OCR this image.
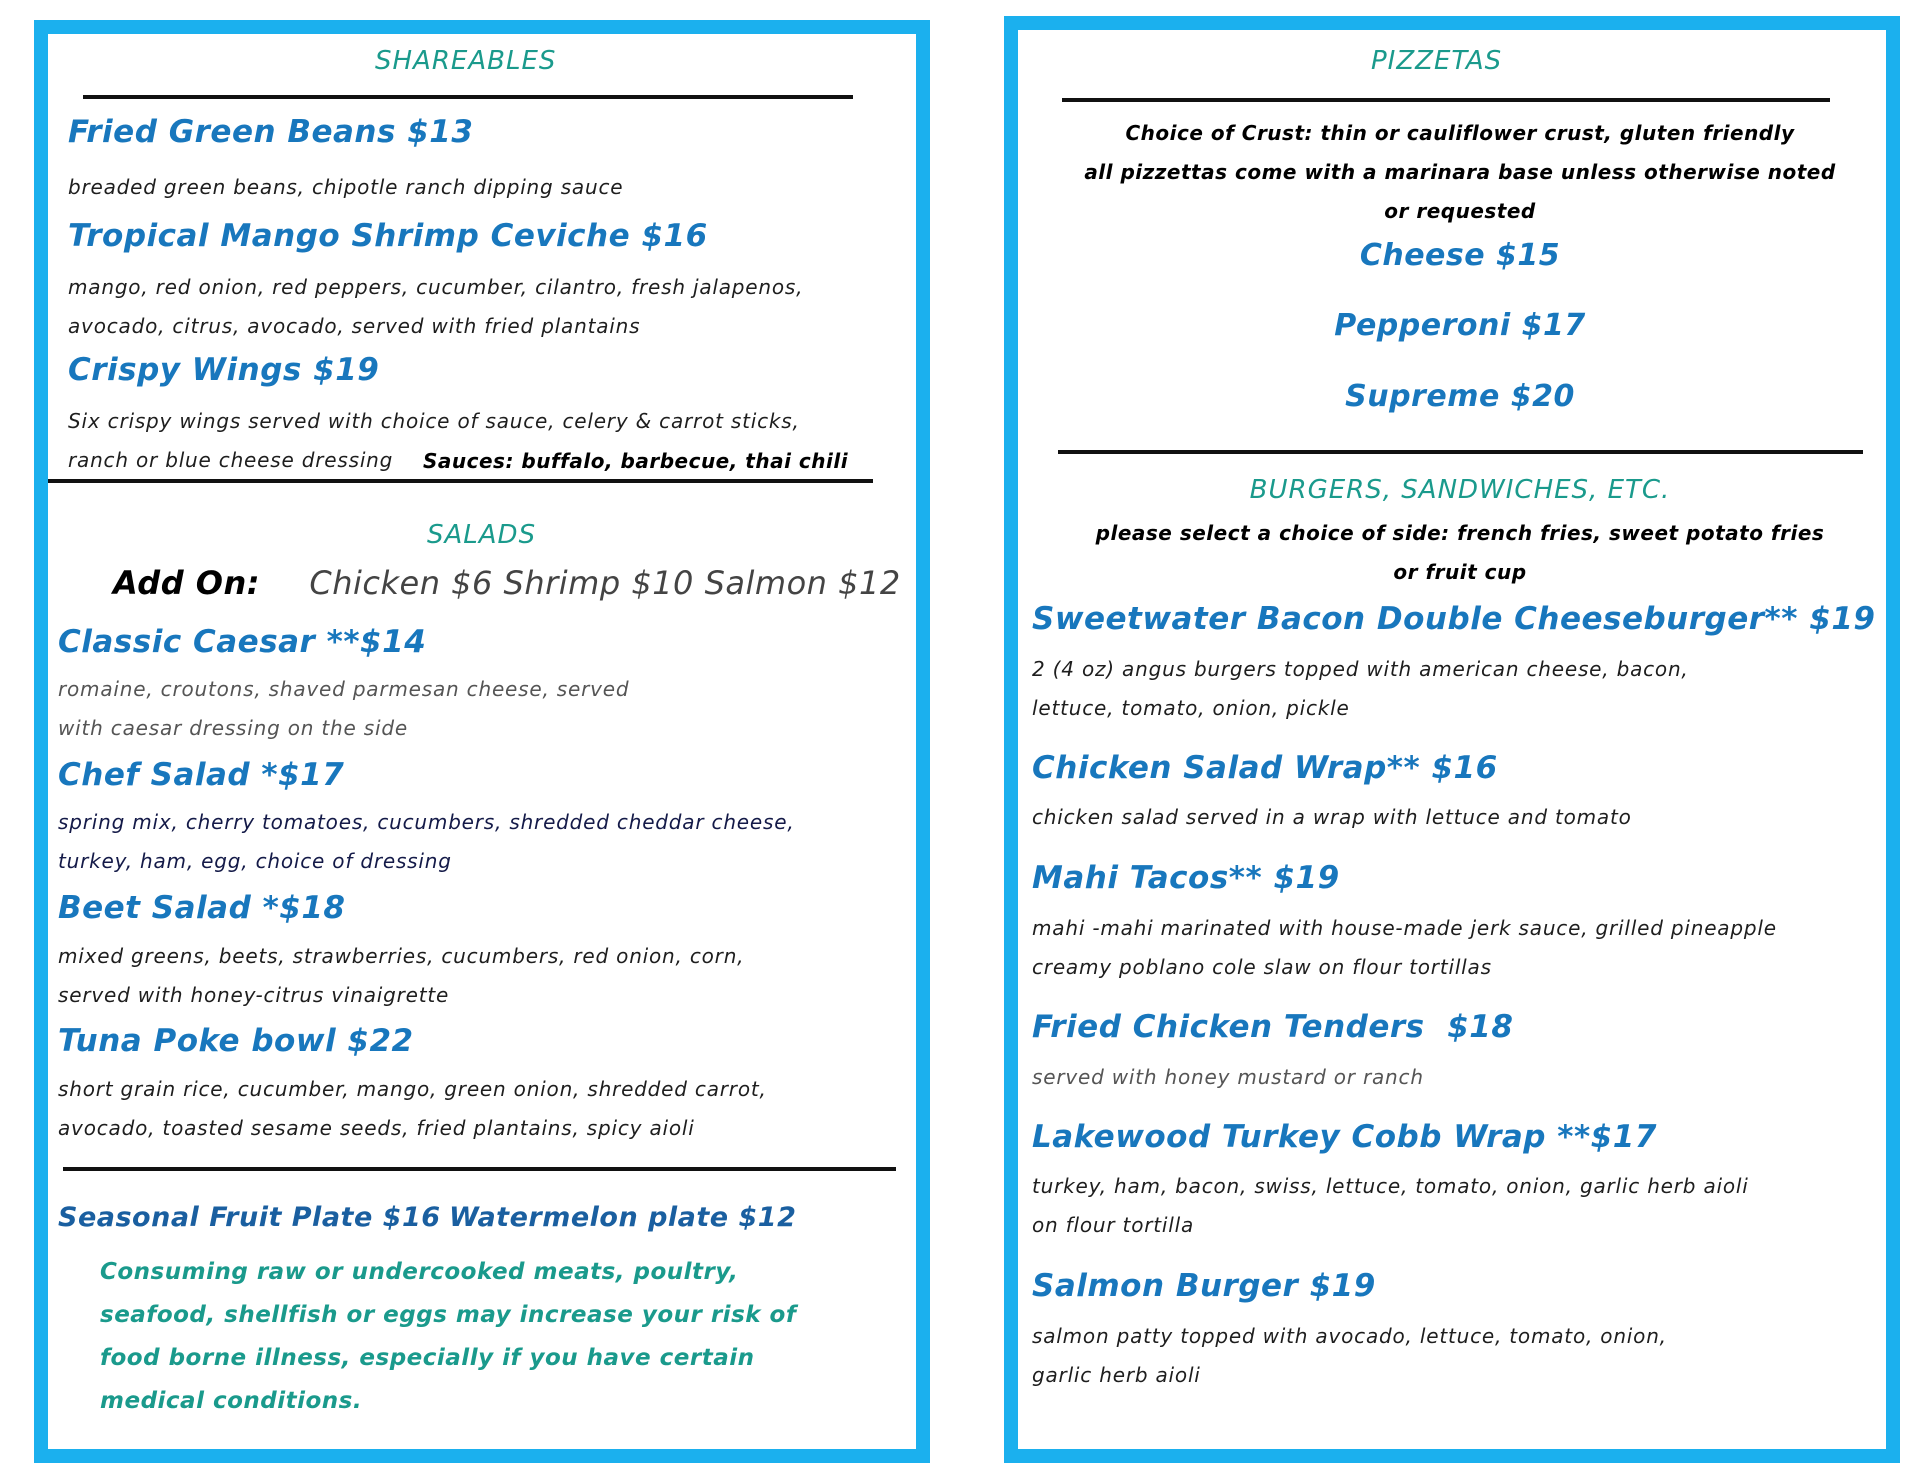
SHAREABLES
Fried Green Beans $13
breaded green beans, chipotle ranch dipping sauce
Tropical Mango Shrimp Ceviche $16
mango, red onion, red peppers, cucumber, cilantro, fresh jalapenos,
avocado, citrus, avocado, served with fried plantains
Crispy Wings $19
Six crispy wings served with choice of sauce, celery & carrot sticks,
ranch or blue cheese dressing Sauces: buffalo, barbecue, thai chili
SALADS
Add On: Chicken $6 Shrimp $10 Salmon $12
Classic Caesar **$14
romaine, croutons, shaved parmesan cheese, served
with caesar dressing on the side
Chef Salad *$17
spring mix, cherry tomatoes, cucumbers, shredded cheddar cheese,
turkey, ham, egg, choice of dressing
Beet Salad *$18
mixed greens, beets, strawberries, cucumbers, red onion, corn,
served with honey-citrus vinaigrette
Tuna Poke bowl $22
short grain rice, cucumber, mango, green onion, shredded carrot,
avocado, toasted sesame seeds, fried plantains, spicy aioli
Seasonal Fruit Plate $16 Watermelon plate $12
Consuming raw or undercooked meats, poultry,
seafood, shellfish or eggs may increase your risk of
food borne illness, especially if you have certain
medical conditions.
PIZZETAS
Choice of Crust: thin or cauliflower crust, gluten friendly
all pizzettas come with a marinara base unless otherwise noted
or requested
Cheese $15
Pepperoni $17
Supreme $20
BURGERS, SANDWICHES, ETC.
please select a choice of side: french fries, sweet potato fries
or fruit cup
Sweetwater Bacon Double Cheeseburger** $19
2 (4 oz) angus burgers topped with american cheese, bacon,
lettuce, tomato, onion, pickle
Chicken Salad Wrap** $16
chicken salad served in a wrap with lettuce and tomato
Mahi Tacos** $19
mahi -mahi marinated with house-made jerk sauce, grilled pineapple
creamy poblano cole slaw on flour tortillas
Fried Chicken Tenders  $18
served with honey mustard or ranch
Lakewood Turkey Cobb Wrap **$17
turkey, ham, bacon, swiss, lettuce, tomato, onion, garlic herb aioli
on flour tortilla
Salmon Burger $19
salmon patty topped with avocado, lettuce, tomato, onion,
garlic herb aioli
